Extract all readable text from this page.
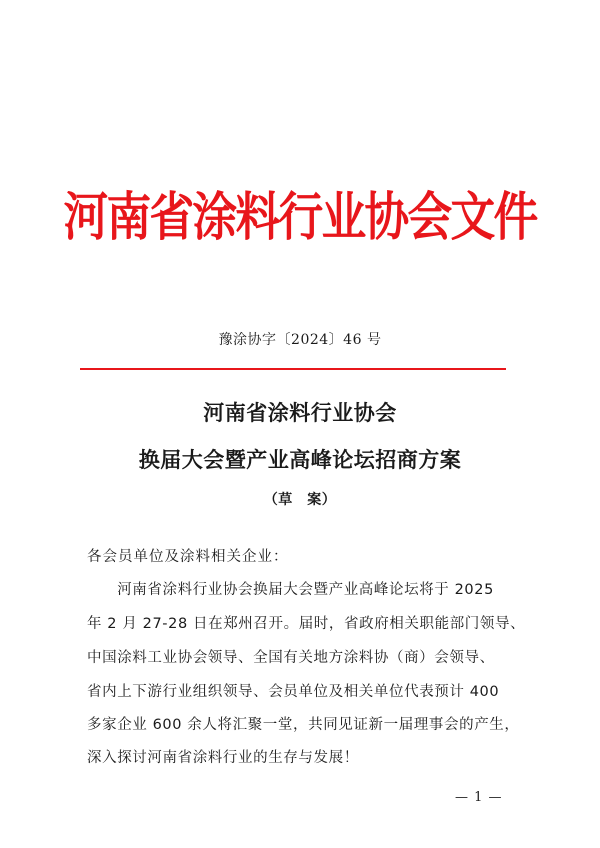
河南省涂料行业协会文件
豫涂协字〔2024〕46 号
河南省涂料行业协会
换届大会暨产业高峰论坛招商方案
（草　案）
各会员单位及涂料相关企业：
　　河南省涂料行业协会换届大会暨产业高峰论坛将于 2025
年 2 月 27-28 日在郑州召开。届时，省政府相关职能部门领导、
中国涂料工业协会领导、全国有关地方涂料协（商）会领导、
省内上下游行业组织领导、会员单位及相关单位代表预计 400
多家企业 600 余人将汇聚一堂，共同见证新一届理事会的产生，
深入探讨河南省涂料行业的生存与发展！
— 1 —
